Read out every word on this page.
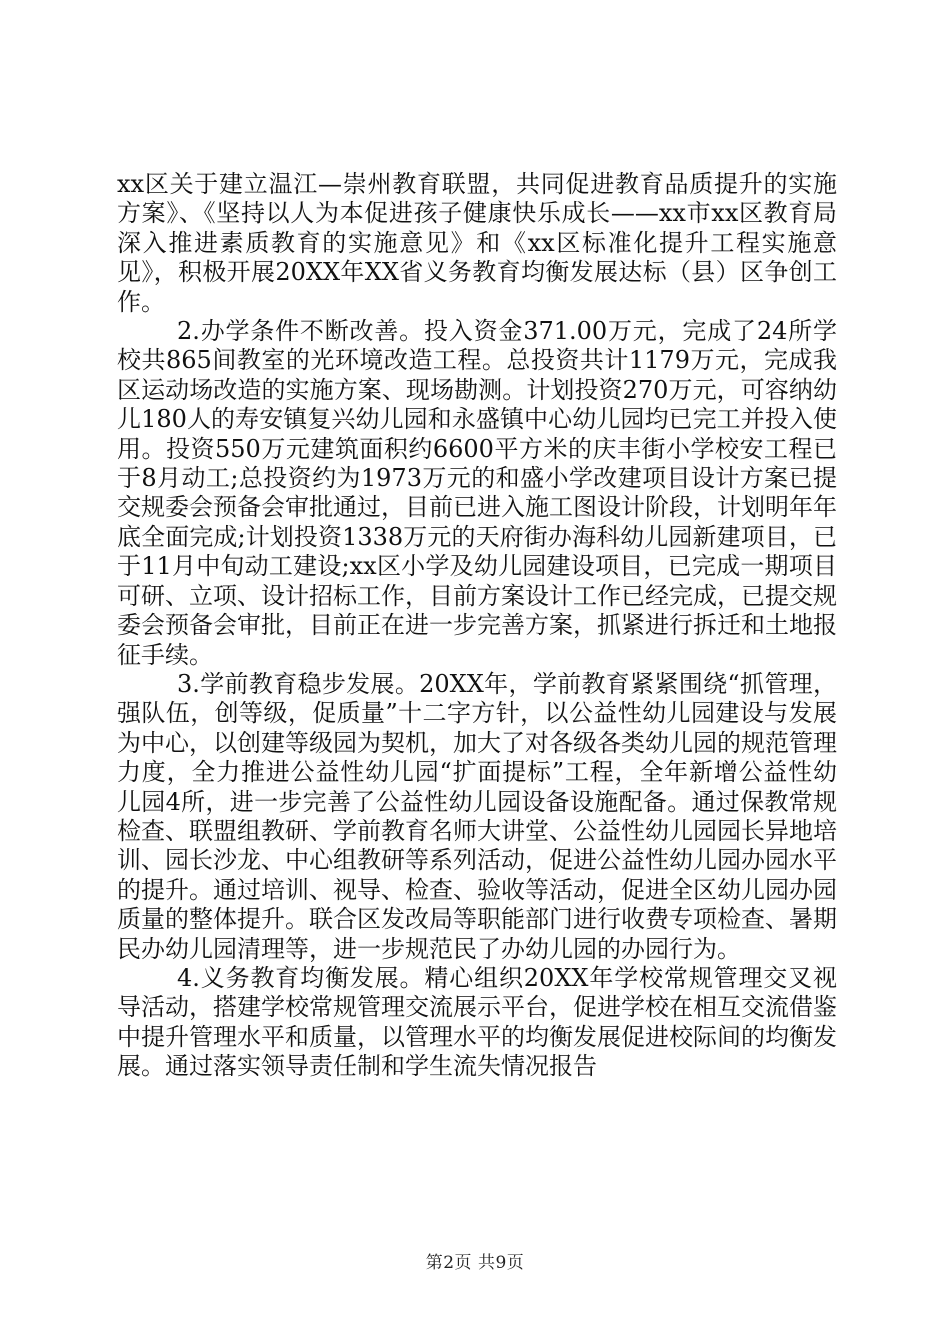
xx区关于建立温江—崇州教育联盟，共同促进教育品质提升的实施方案》、《坚持以人为本促进孩子健康快乐成长——xx市xx区教育局深入推进素质教育的实施意见》和《xx区标准化提升工程实施意见》，积极开展20XX年XX省义务教育均衡发展达标（县）区争创工作。

2.办学条件不断改善。投入资金371.00万元，完成了24所学校共865间教室的光环境改造工程。总投资共计1179万元，完成我区运动场改造的实施方案、现场勘测。计划投资270万元，可容纳幼儿180人的寿安镇复兴幼儿园和永盛镇中心幼儿园均已完工并投入使用。投资550万元建筑面积约6600平方米的庆丰街小学校安工程已于8月动工;总投资约为1973万元的和盛小学改建项目设计方案已提交规委会预备会审批通过，目前已进入施工图设计阶段，计划明年年底全面完成;计划投资1338万元的天府街办海科幼儿园新建项目，已于11月中旬动工建设;xx区小学及幼儿园建设项目，已完成一期项目可研、立项、设计招标工作，目前方案设计工作已经完成，已提交规委会预备会审批，目前正在进一步完善方案，抓紧进行拆迁和土地报征手续。

3.学前教育稳步发展。20XX年，学前教育紧紧围绕“抓管理，强队伍，创等级，促质量”十二字方针，以公益性幼儿园建设与发展为中心，以创建等级园为契机，加大了对各级各类幼儿园的规范管理力度，全力推进公益性幼儿园“扩面提标”工程，全年新增公益性幼儿园4所，进一步完善了公益性幼儿园设备设施配备。通过保教常规检查、联盟组教研、学前教育名师大讲堂、公益性幼儿园园长异地培训、园长沙龙、中心组教研等系列活动，促进公益性幼儿园办园水平的提升。通过培训、视导、检查、验收等活动，促进全区幼儿园办园质量的整体提升。联合区发改局等职能部门进行收费专项检查、暑期民办幼儿园清理等，进一步规范民了办幼儿园的办园行为。

4.义务教育均衡发展。精心组织20XX年学校常规管理交叉视导活动，搭建学校常规管理交流展示平台，促进学校在相互交流借鉴中提升管理水平和质量，以管理水平的均衡发展促进校际间的均衡发展。通过落实领导责任制和学生流失情况报告

第2页 共9页
